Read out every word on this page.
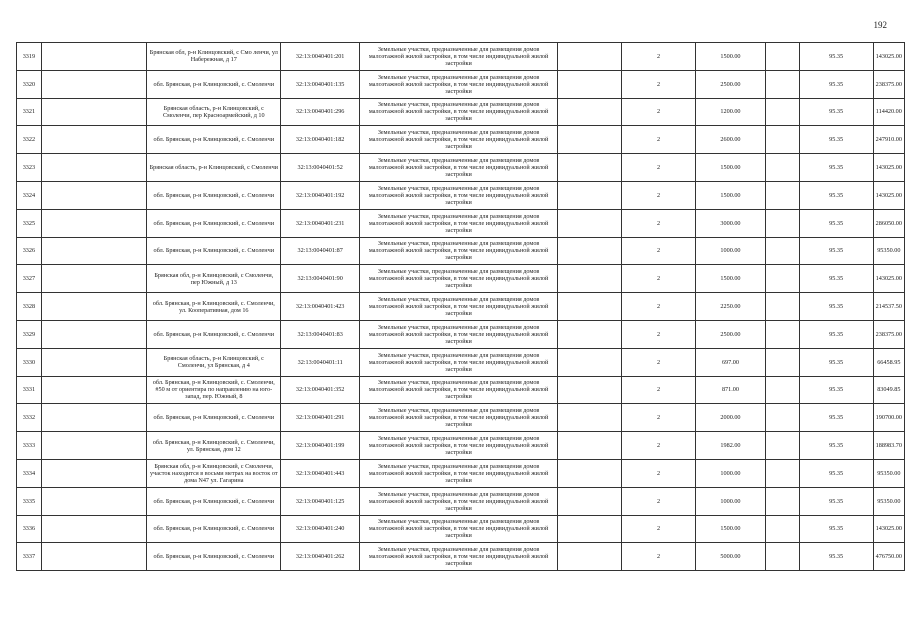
192
3319		Брянская обл, р-н Клинцовский, с Смо ленчи, ул Набережная, д 17	32:13:0040401:201	Земельные участки, предназначенные для размещения домов малоэтажной жилой застройки, в том числе индивидуальной жилой застройки		2	1500.00		95.35	143025.00
3320		обл. Брянская, р-н Клинцовский, с. Смоленчи	32:13:0040401:135	Земельные участки, предназначенные для размещения домов малоэтажной жилой застройки, в том числе индивидуальной жилой застройки		2	2500.00		95.35	238375.00
3321		Брянская область, р-н Клинцовский, с Смоленчи, пер Красноармейский, д 10	32:13:0040401:296	Земельные участки, предназначенные для размещения домов малоэтажной жилой застройки, в том числе индивидуальной жилой застройки		2	1200.00		95.35	114420.00
3322		обл. Брянская, р-н Клинцовский, с. Смоленчи	32:13:0040401:182	Земельные участки, предназначенные для размещения домов малоэтажной жилой застройки, в том числе индивидуальной жилой застройки		2	2600.00		95.35	247910.00
3323		Брянская область, р-н Клинцовский, с Смоленчи	32:13:0040401:52	Земельные участки, предназначенные для размещения домов малоэтажной жилой застройки, в том числе индивидуальной жилой застройки		2	1500.00		95.35	143025.00
3324		обл. Брянская, р-н Клинцовский, с. Смоленчи	32:13:0040401:192	Земельные участки, предназначенные для размещения домов малоэтажной жилой застройки, в том числе индивидуальной жилой застройки		2	1500.00		95.35	143025.00
3325		обл. Брянская, р-н Клинцовский, с. Смоленчи	32:13:0040401:231	Земельные участки, предназначенные для размещения домов малоэтажной жилой застройки, в том числе индивидуальной жилой застройки		2	3000.00		95.35	286050.00
3326		обл. Брянская, р-н Клинцовский, с. Смоленчи	32:13:0040401:87	Земельные участки, предназначенные для размещения домов малоэтажной жилой застройки, в том числе индивидуальной жилой застройки		2	1000.00		95.35	95350.00
3327		Брянская обл, р-н Клинцовский, с Смоленчи, пер Южный, д 13	32:13:0040401:90	Земельные участки, предназначенные для размещения домов малоэтажной жилой застройки, в том числе индивидуальной жилой застройки		2	1500.00		95.35	143025.00
3328		обл. Брянская, р-н Клинцовский, с. Смоленчи, ул. Кооперативная, дом 16	32:13:0040401:423	Земельные участки, предназначенные для размещения домов малоэтажной жилой застройки, в том числе индивидуальной жилой застройки		2	2250.00		95.35	214537.50
3329		обл. Брянская, р-н Клинцовский, с. Смоленчи	32:13:0040401:83	Земельные участки, предназначенные для размещения домов малоэтажной жилой застройки, в том числе индивидуальной жилой застройки		2	2500.00		95.35	238375.00
3330		Брянская область, р-н Клинцовский, с Смоленчи, ул Брянская, д 4	32:13:0040401:11	Земельные участки, предназначенные для размещения домов малоэтажной жилой застройки, в том числе индивидуальной жилой застройки		2	697.00		95.35	66458.95
3331		обл. Брянская, р-н Клинцовский, с. Смоленчи, #50 м от ориентира по направлению на юго-запад, пер. Южный, 8	32:13:0040401:352	Земельные участки, предназначенные для размещения домов малоэтажной жилой застройки, в том числе индивидуальной жилой застройки		2	871.00		95.35	83049.85
3332		обл. Брянская, р-н Клинцовский, с. Смоленчи	32:13:0040401:291	Земельные участки, предназначенные для размещения домов малоэтажной жилой застройки, в том числе индивидуальной жилой застройки		2	2000.00		95.35	190700.00
3333		обл. Брянская, р-н Клинцовский, с. Смоленчи, ул. Брянская, дом 12	32:13:0040401:199	Земельные участки, предназначенные для размещения домов малоэтажной жилой застройки, в том числе индивидуальной жилой застройки		2	1982.00		95.35	188983.70
3334		Брянская обл, р-н Клинцовский, с Смоленчи, участок находится в восьми метрах на восток от дома N47 ул. Гагарина	32:13:0040401:443	Земельные участки, предназначенные для размещения домов малоэтажной жилой застройки, в том числе индивидуальной жилой застройки		2	1000.00		95.35	95350.00
3335		обл. Брянская, р-н Клинцовский, с. Смоленчи	32:13:0040401:125	Земельные участки, предназначенные для размещения домов малоэтажной жилой застройки, в том числе индивидуальной жилой застройки		2	1000.00		95.35	95350.00
3336		обл. Брянская, р-н Клинцовский, с. Смоленчи	32:13:0040401:240	Земельные участки, предназначенные для размещения домов малоэтажной жилой застройки, в том числе индивидуальной жилой застройки		2	1500.00		95.35	143025.00
3337		обл. Брянская, р-н Клинцовский, с. Смоленчи	32:13:0040401:262	Земельные участки, предназначенные для размещения домов малоэтажной жилой застройки, в том числе индивидуальной жилой застройки		2	5000.00		95.35	476750.00
